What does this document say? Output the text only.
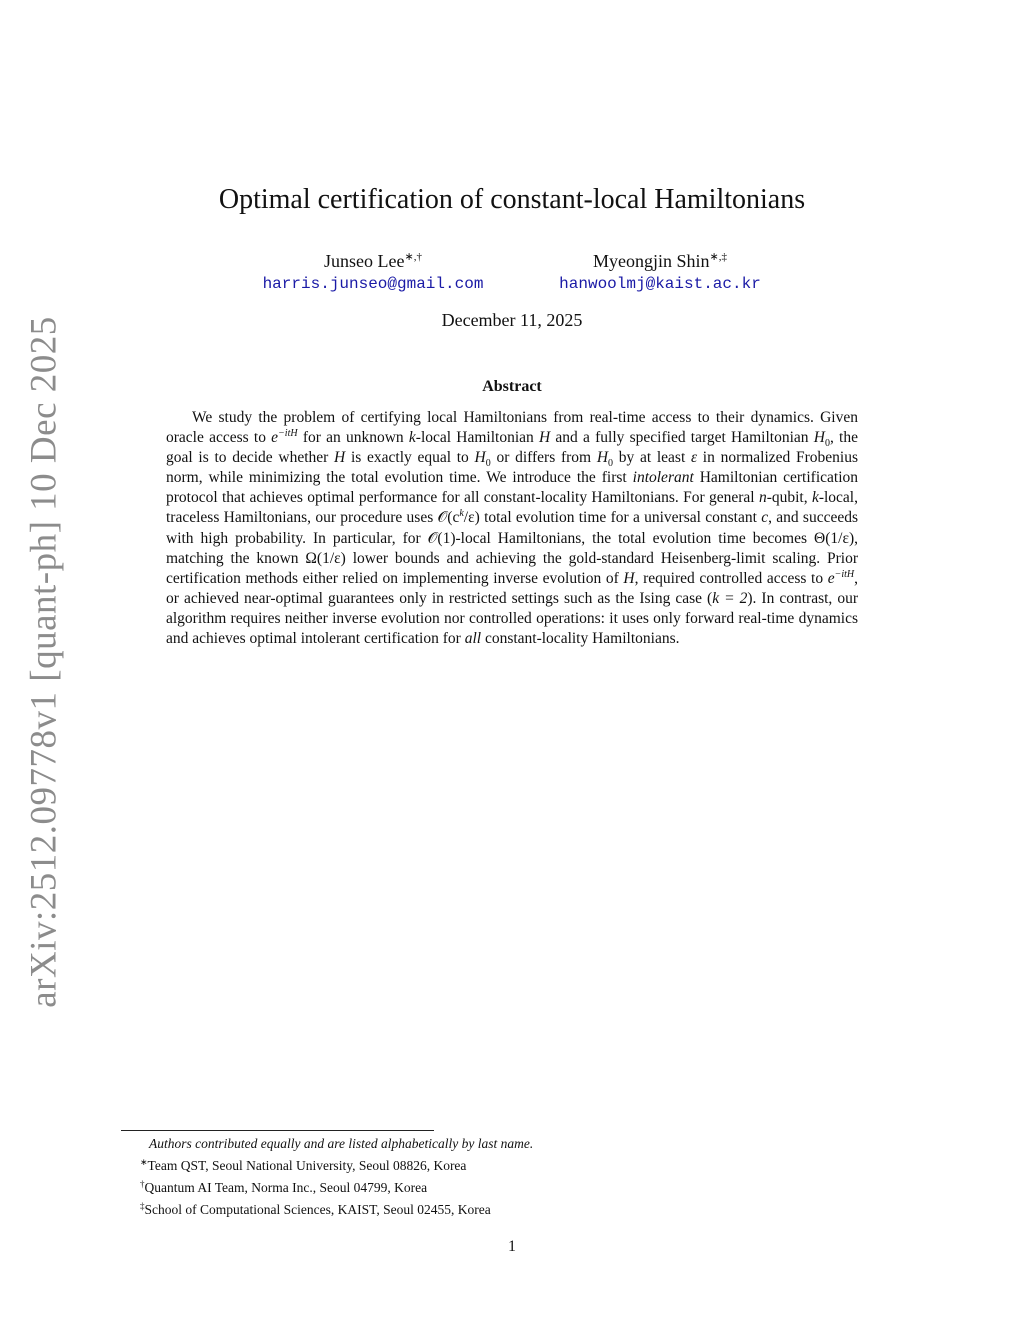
arXiv:2512.09778v1 [quant-ph] 10 Dec 2025
Optimal certification of constant-local Hamiltonians
Junseo Lee∗,†
harris.junseo@gmail.com
Myeongjin Shin∗,‡
hanwoolmj@kaist.ac.kr
December 11, 2025
Abstract

We study the problem of certifying local Hamiltonians from real-time access to their dynamics. Given oracle access to $e^{-itH}$ for an unknown k-local Hamiltonian H and a fully specified target Hamiltonian $H_0$, the goal is to decide whether H is exactly equal to $H_0$ or differs from $H_0$ by at least ε in normalized Frobenius norm, while minimizing the total evolution time. We introduce the first intolerant Hamiltonian certification protocol that achieves optimal performance for all constant-locality Hamiltonians. For general n-qubit, k-local, traceless Hamiltonians, our procedure uses $𝒪(c^k/\varepsilon)$ total evolution time for a universal constant c, and succeeds with high probability. In particular, for 𝒪(1)-local Hamiltonians, the total evolution time becomes Θ(1/ε), matching the known Ω(1/ε) lower bounds and achieving the gold-standard Heisenberg-limit scaling. Prior certification methods either relied on implementing inverse evolution of H, required controlled access to $e^{-itH}$, or achieved near-optimal guarantees only in restricted settings such as the Ising case (k = 2). In contrast, our algorithm requires neither inverse evolution nor controlled operations: it uses only forward real-time dynamics and achieves optimal intolerant certification for all constant-locality Hamiltonians.

Authors contributed equally and are listed alphabetically by last name.
∗Team QST, Seoul National University, Seoul 08826, Korea
†Quantum AI Team, Norma Inc., Seoul 04799, Korea
‡School of Computational Sciences, KAIST, Seoul 02455, Korea
1
